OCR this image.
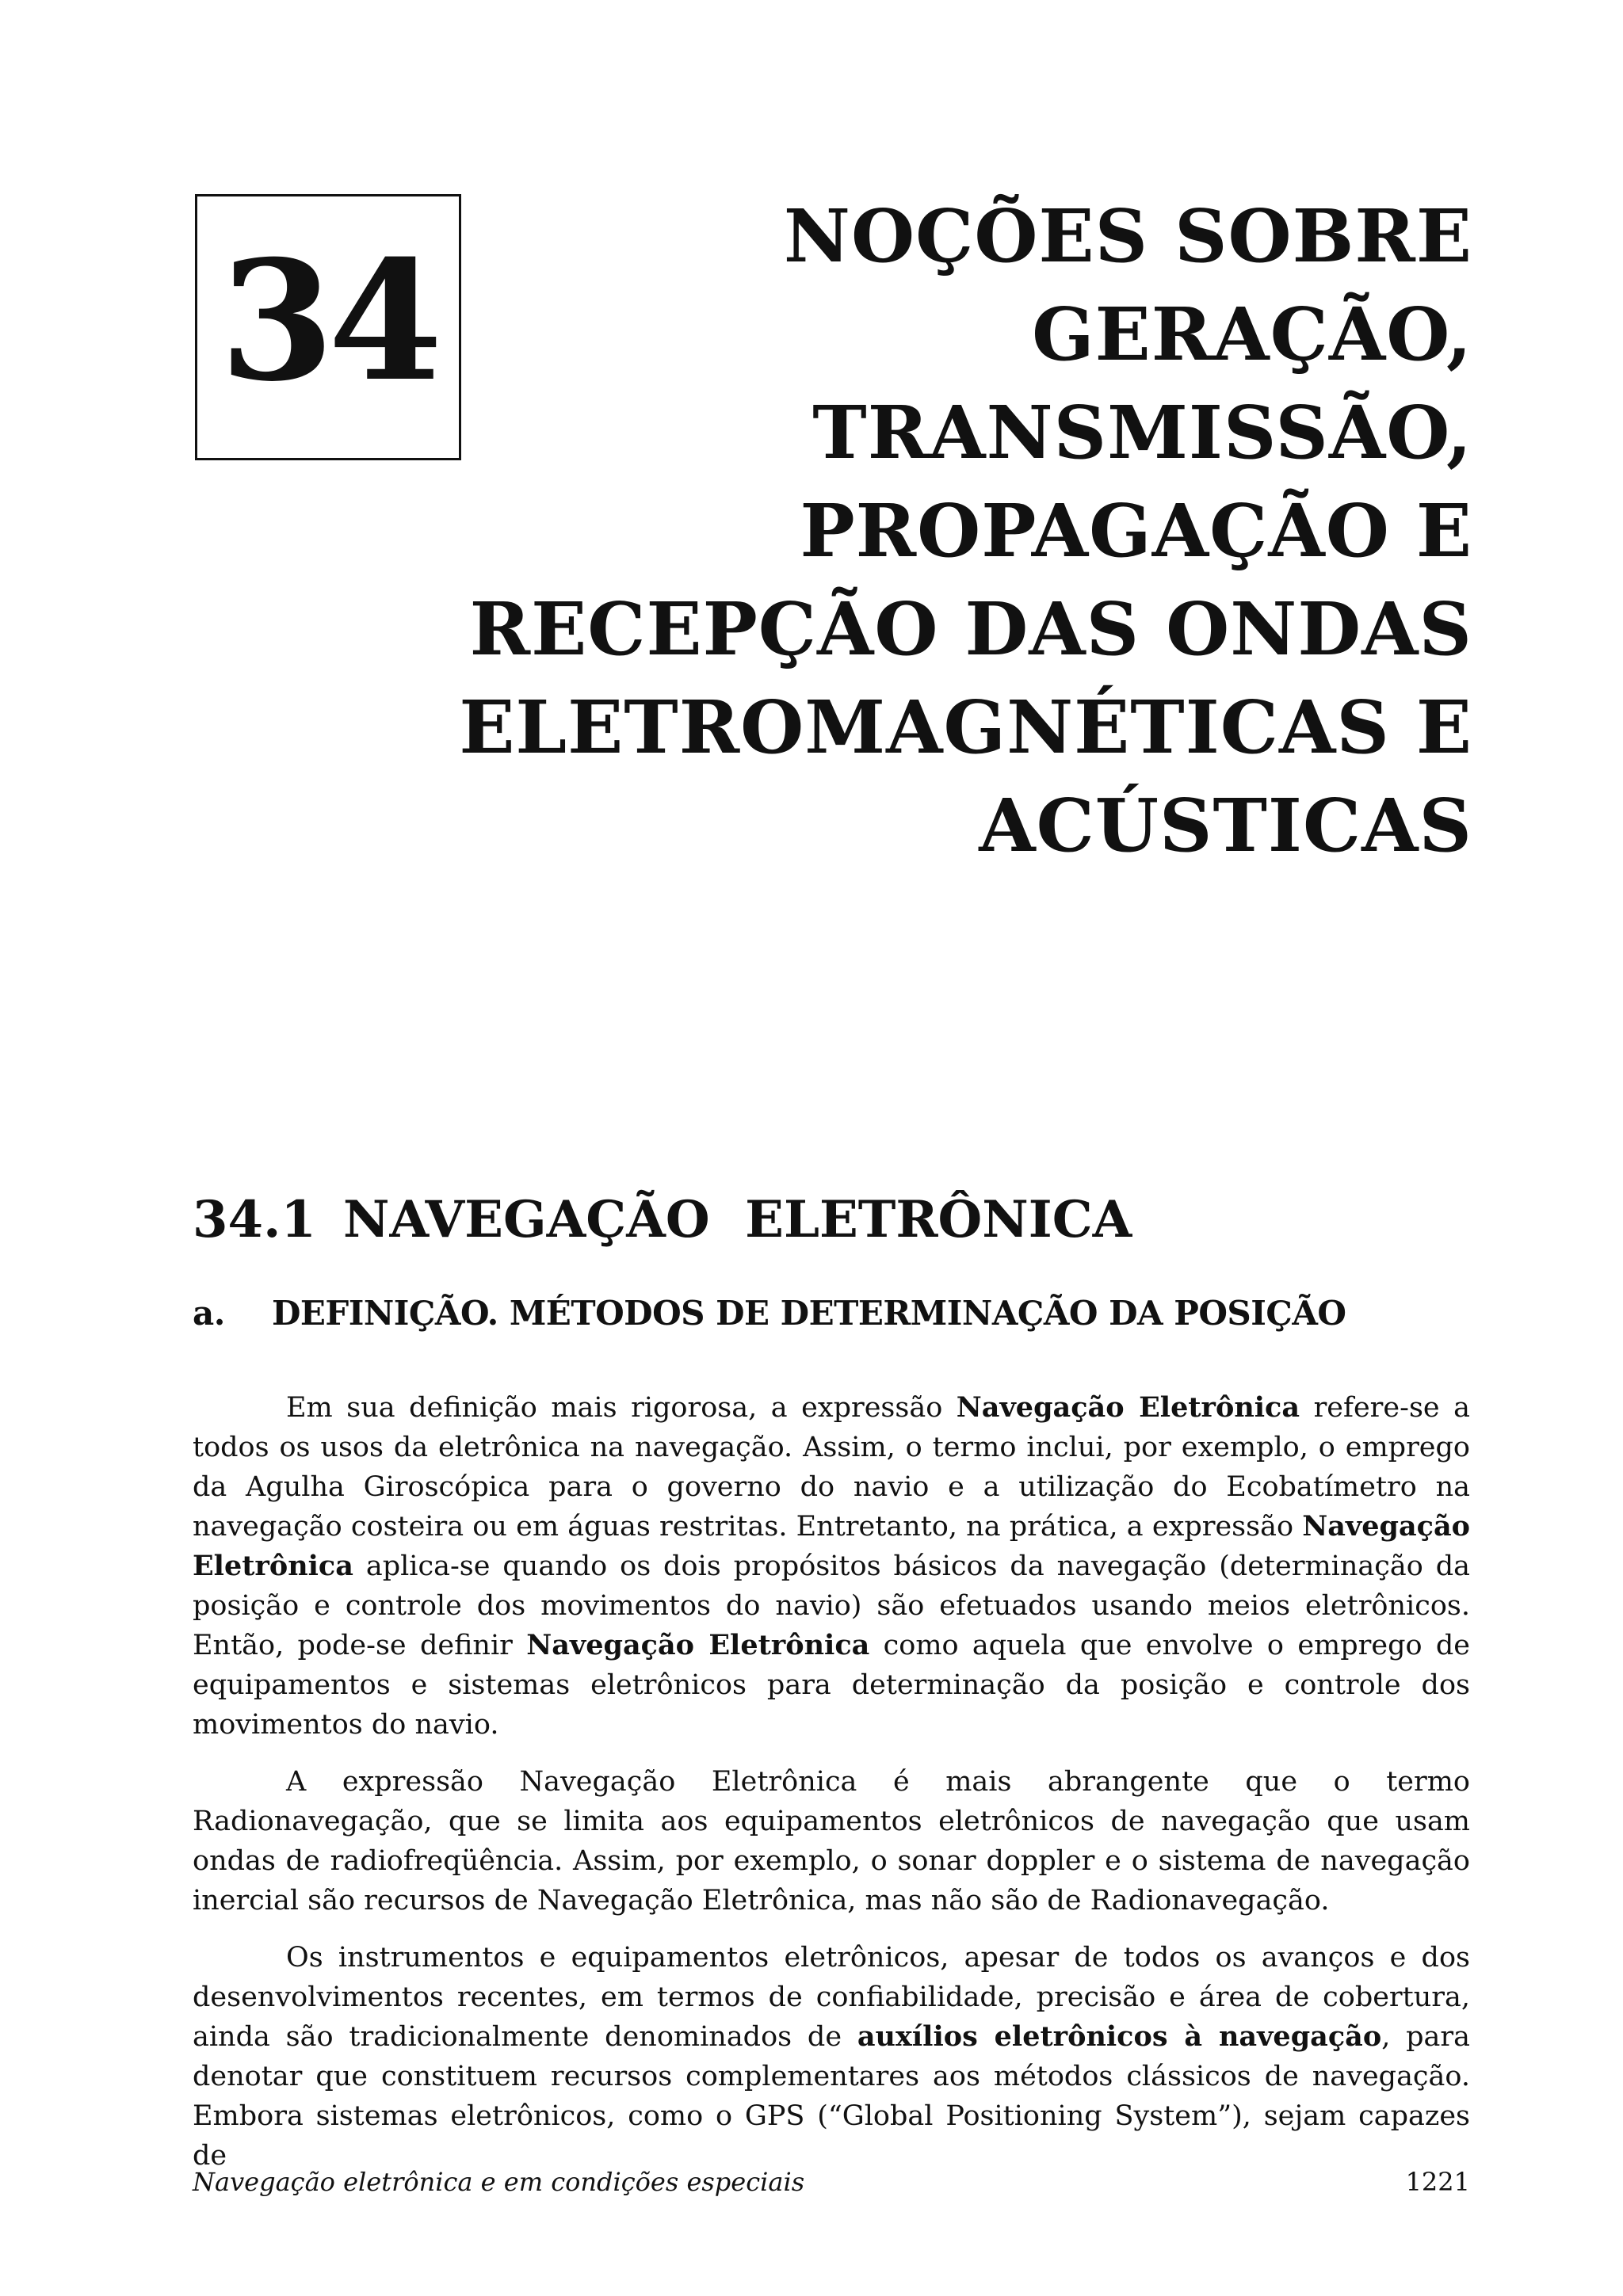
34	NOÇÕES SOBRE
GERAÇÃO,
TRANSMISSÃO,
PROPAGAÇÃO E
RECEPÇÃO DAS ONDAS
ELETROMAGNÉTICAS E
ACÚSTICAS
34.1 NAVEGAÇÃO  ELETRÔNICA
a. DEFINIÇÃO. MÉTODOS DE DETERMINAÇÃO DA POSIÇÃO

Em sua definição mais rigorosa, a expressão Navegação Eletrônica refere-se a todos os usos da eletrônica na navegação. Assim, o termo inclui, por exemplo, o emprego da Agulha Giroscópica para o governo do navio e a utilização do Ecobatímetro na navegação costeira ou em águas restritas. Entretanto, na prática, a expressão Navegação Eletrônica aplica-se quando os dois propósitos básicos da navegação (determinação da posição e controle dos movimentos do navio) são efetuados usando meios eletrônicos. Então, pode-se definir Navegação Eletrônica como aquela que envolve o emprego de equipamentos e sistemas eletrônicos para determinação da posição e controle dos movimentos do navio.

A expressão Navegação Eletrônica é mais abrangente que o termo Radionavegação, que se limita aos equipamentos eletrônicos de navegação que usam ondas de radiofreqüência. Assim, por exemplo, o sonar doppler e o sistema de navegação inercial são recursos de Navegação Eletrônica, mas não são de Radionavegação.

Os instrumentos e equipamentos eletrônicos, apesar de todos os avanços e dos desenvolvimentos recentes, em termos de confiabilidade, precisão e área de cobertura, ainda são tradicionalmente denominados de auxílios eletrônicos à navegação, para denotar que constituem recursos complementares aos métodos clássicos de navegação. Embora sistemas eletrônicos, como o GPS (“Global Positioning System”), sejam capazes de

Navegação eletrônica e em condições especiais	1221
